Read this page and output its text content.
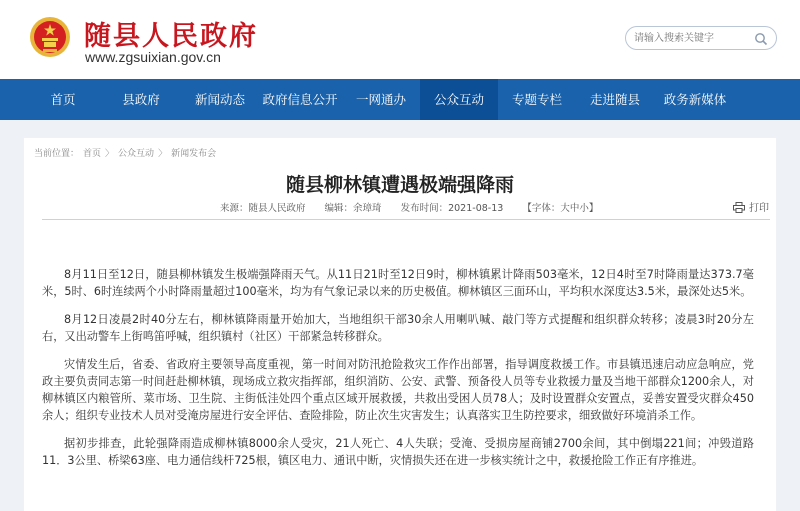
随县人民政府
www.zgsuixian.gov.cn
请输入搜索关键字
首页	县政府	新闻动态	政府信息公开	一网通办	公众互动	专题专栏	走进随县	政务新媒体
当前位置： 首页 〉 公众互动 〉 新闻发布会
随县柳林镇遭遇极端强降雨
来源：随县人民政府 编辑：余璋琦 发布时间：2021-08-13 【字体：大中小】	打印

8月11日至12日，随县柳林镇发生极端强降雨天气。从11日21时至12日9时，柳林镇累计降雨503毫米，12日4时至7时降雨量达373.7毫米，5时、6时连续两个小时降雨量超过100毫米，均为有气象记录以来的历史极值。柳林镇区三面环山，平均积水深度达3.5米，最深处达5米。

8月12日凌晨2时40分左右，柳林镇降雨量开始加大，当地组织干部30余人用喇叭喊、敲门等方式提醒和组织群众转移；凌晨3时20分左右，又出动警车上街鸣笛呼喊，组织镇村（社区）干部紧急转移群众。

灾情发生后，省委、省政府主要领导高度重视，第一时间对防汛抢险救灾工作作出部署，指导调度救援工作。市县镇迅速启动应急响应，党政主要负责同志第一时间赶赴柳林镇，现场成立救灾指挥部，组织消防、公安、武警、预备役人员等专业救援力量及当地干部群众1200余人，对柳林镇区内粮管所、菜市场、卫生院、主街低洼处四个重点区域开展救援，共救出受困人员78人；及时设置群众安置点，妥善安置受灾群众450余人；组织专业技术人员对受淹房屋进行安全评估、查险排险，防止次生灾害发生；认真落实卫生防控要求，细致做好环境消杀工作。

据初步排查，此轮强降雨造成柳林镇8000余人受灾，21人死亡、4人失联；受淹、受损房屋商铺2700余间，其中倒塌221间；冲毁道路11．3公里、桥梁63座、电力通信线杆725根，镇区电力、通讯中断，灾情损失还在进一步核实统计之中，救援抢险工作正有序推进。
